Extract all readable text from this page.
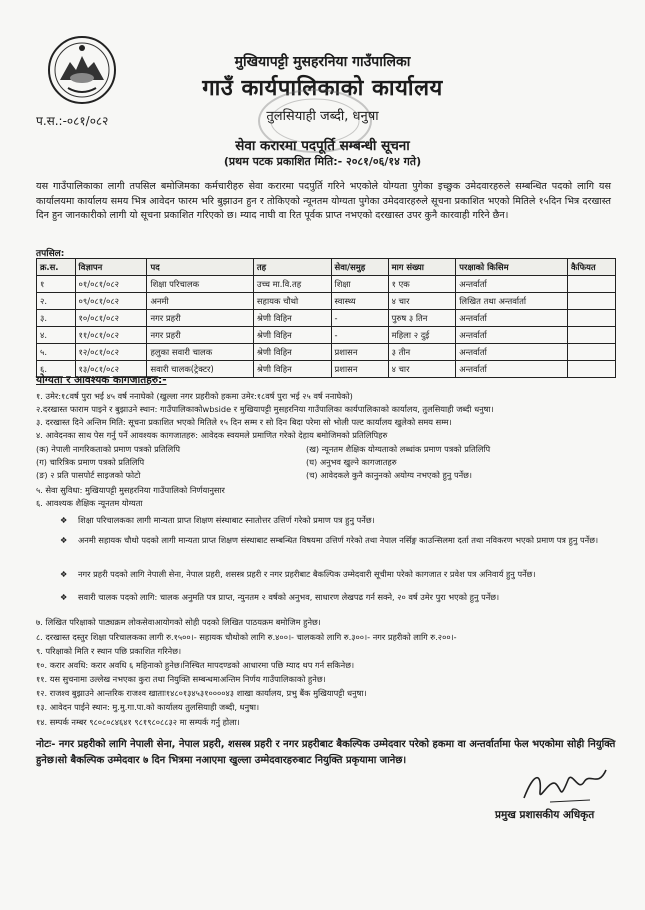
मुखियापट्टी मुसहरनिया गाउँपालिका
गाउँ कार्यपालिकाको कार्यालय
प.स.:-०८१/०८२	तुलसियाही जब्दी, धनुषा
सेवा करारमा पदपूर्ति सम्बन्धी सूचना
(प्रथम पटक प्रकाशित मिति:- २०८१/०६/१४ गते)
यस गाउँपालिकाका लागी तपसिल बमोजिमका कर्मचारीहरु सेवा करारमा पदपुर्ति गरिने भएकोले योग्यता पुगेका इच्छुक उमेदवारहरुले सम्बन्धित पदको लागि यस कार्यालयमा कार्यालय समय भित्र आवेदन फारम भरि बुझाउन हुन र तोकिएको न्यूनतम योग्यता पुगेका उमेदवारहरुले सूचना प्रकाशित भएको मितिले १५दिन भित्र दरखास्त दिन हुन जानकारीको लागी यो सूचना प्रकाशित गरिएको छ। म्याद नाघी वा रित पूर्वक प्राप्त नभएको दरखास्त उपर कुनै कारवाही गरिने छैन।
तपसिल:
क्र.स.	विज्ञापन	पद	तह	सेवा/समुह	माग संख्या	परक्षाको किसिम	कैफियत
१	०१/०८१/०८२	शिक्षा परिचालक	उच्च मा.वि.तह	शिक्षा	१ एक	अन्तर्वार्ता	
२.	०९/०८१/०८२	अनमी	सहायक चौथो	स्वास्थ्य	४ चार	लिखित तथा अन्तर्वार्ता	
३.	१०/०८१/०८२	नगर प्रहरी	श्रेणी विहिन	-	पुरुष ३ तिन	अन्तर्वार्ता	
४.	११/०८१/०८२	नगर प्रहरी	श्रेणी विहिन	-	महिला २ दुई	अन्तर्वार्ता	
५.	१२/०८१/०८२	हलुका सवारी चालक	श्रेणी विहिन	प्रशासन	३ तीन	अन्तर्वार्ता	
६.	१३/०८१/०८२	सवारी चालक(ट्रेक्टर)	श्रेणी विहिन	प्रशासन	४ चार	अन्तर्वार्ता	
योग्यता र आवश्यक कागजातहरु:-
१. उमेर:१८वर्ष पुरा भई ४५ वर्ष ननाघेको (खुल्ला नगर प्रहरीको हकमा उमेर:१८वर्ष पुरा भई २५ वर्ष ननाघेको)
२.दरखास्त फाराम पाइने र बुझाउने स्थान: गाउँपालिकाकोwbside र मुखियापट्टी मुसहरनिया गाउँपालिका कार्यपालिकाको कार्यालय, तुलसियाही जब्दी धनुषा।
३. दरखास्त दिने अन्तिम मिति: सूचना प्रकाशित भएको मितिले १५ दिन सम्म र सो दिन बिदा परेमा सो भोली पल्ट कार्यालय खुलेको समय सम्म।
४. आवेदनका साथ पेस गर्नु पर्ने आवश्यक कागजातहरु: आवेदक स्वयमले प्रमाणित गरेको देहाय बमोजिमको प्रतिलिपिहरु
(क) नेपाली नागरिकताको प्रमाण पत्रको प्रतिलिपि	(ख) न्यूनतम शैक्षिक योग्यताको लब्धांक प्रमाण पत्रको प्रतिलिपि
(ग) चारित्रिक प्रमाण पत्रको प्रतिलिपि	(घ) अनुभव खुल्ने कागजातहरु
(ङ) २ प्रति पासपोर्ट साइजको फोटो	(च) आवेदकले कुनै कानुनको अयोग्य नभएको हुनु पर्नेछ।
५. सेवा सुविधा: मुखियापट्टी मुसहरनिया गाउँपालिको निर्णयानुसार
६. आवश्यक शैक्षिक न्यूनतम योग्यता
❖	शिक्षा परिचालकका लागी मान्यता प्राप्त शिक्षण संस्थाबाट स्नातोत्तर उत्तिर्ण गरेको प्रमाण पत्र हुनु पर्नेछ।
❖	अनमी सहायक चौथो पदको लागी मान्यता प्राप्त शिक्षण संस्थाबाट सम्बन्धित विषयमा उत्तिर्ण गरेको तथा नेपाल नर्सिङ्ग काउन्सिलमा दर्ता तथा नविकरण भएको प्रमाण पत्र हुनु पर्नेछ।
❖	नगर प्रहरी पदको लागि नेपाली सेना, नेपाल प्रहरी, शसस्त्र प्रहरी र नगर प्रहरीबाट बैकल्पिक उम्मेदवारी सूचीमा परेको कागजात र प्रवेश पत्र अनिवार्य हुनु पर्नेछ।
❖	सवारी चालक पदको लागि: चालक अनुमति पत्र प्राप्त, न्युनतम २ वर्षको अनुभव, साधारण लेखपढ गर्न सक्ने, २० वर्ष उमेर पुरा भएको हुनु पर्नेछ।
७. लिखित परिक्षाको पाठ्यक्रम लोकसेवाआयोगको सोही पदको लिखित पाठयक्रम बमोजिम हुनेछ।
८. दरखास्त दस्तुर शिक्षा परिचालकका लागी रु.१५००।- सहायक चौथोको लागि रु.४००।- चालकको लागि रु.३००।- नगर प्रहरीको लागि रु.२००।-
९. परिक्षाको मिति र स्थान पछि प्रकाशित गरिनेछ।
१०. करार अवधि: करार अवधि ६ महिनाको हुनेछ।निस्चित मापदण्डको आधारमा पछि म्याद थप गर्न सकिनेछ।
११. यस सुचनामा उल्लेख नभएका कुरा तथा नियुक्ति सम्बन्धमाअन्तिम निर्णय गाउँपालिकाको हुनेछ।
१२. राजश्व बुझाउने आन्तरिक राजश्व खाताः१४८०१३४५३१००००४३ शाखा कार्यालय, प्रभु बैंक मुखियापट्टी धनुषा।
१३. आवेदन पाईने स्थान: मु.मु.गा.पा.को कार्यालय तुलसियाही जब्दी, धनुषा।
१४. सम्पर्क नम्बर ९८०८०८४६४१ ९८१९८०८८३२ मा सम्पर्क गर्नु होला।
नोटः- नगर प्रहरीको लागि नेपाली सेना, नेपाल प्रहरी, शसस्त्र प्रहरी र नगर प्रहरीबाट बैकल्पिक उम्मेदवार परेको हकमा वा अन्तर्वार्तामा फेल भएकोमा सोही नियुक्ति हुनेछ।सो बैकल्पिक उम्मेदवार ७ दिन भित्रमा नआएमा खुल्ला उम्मेदवारहरुबाट नियुक्ति प्रकृयामा जानेछ।
प्रमुख प्रशासकीय अधिकृत
